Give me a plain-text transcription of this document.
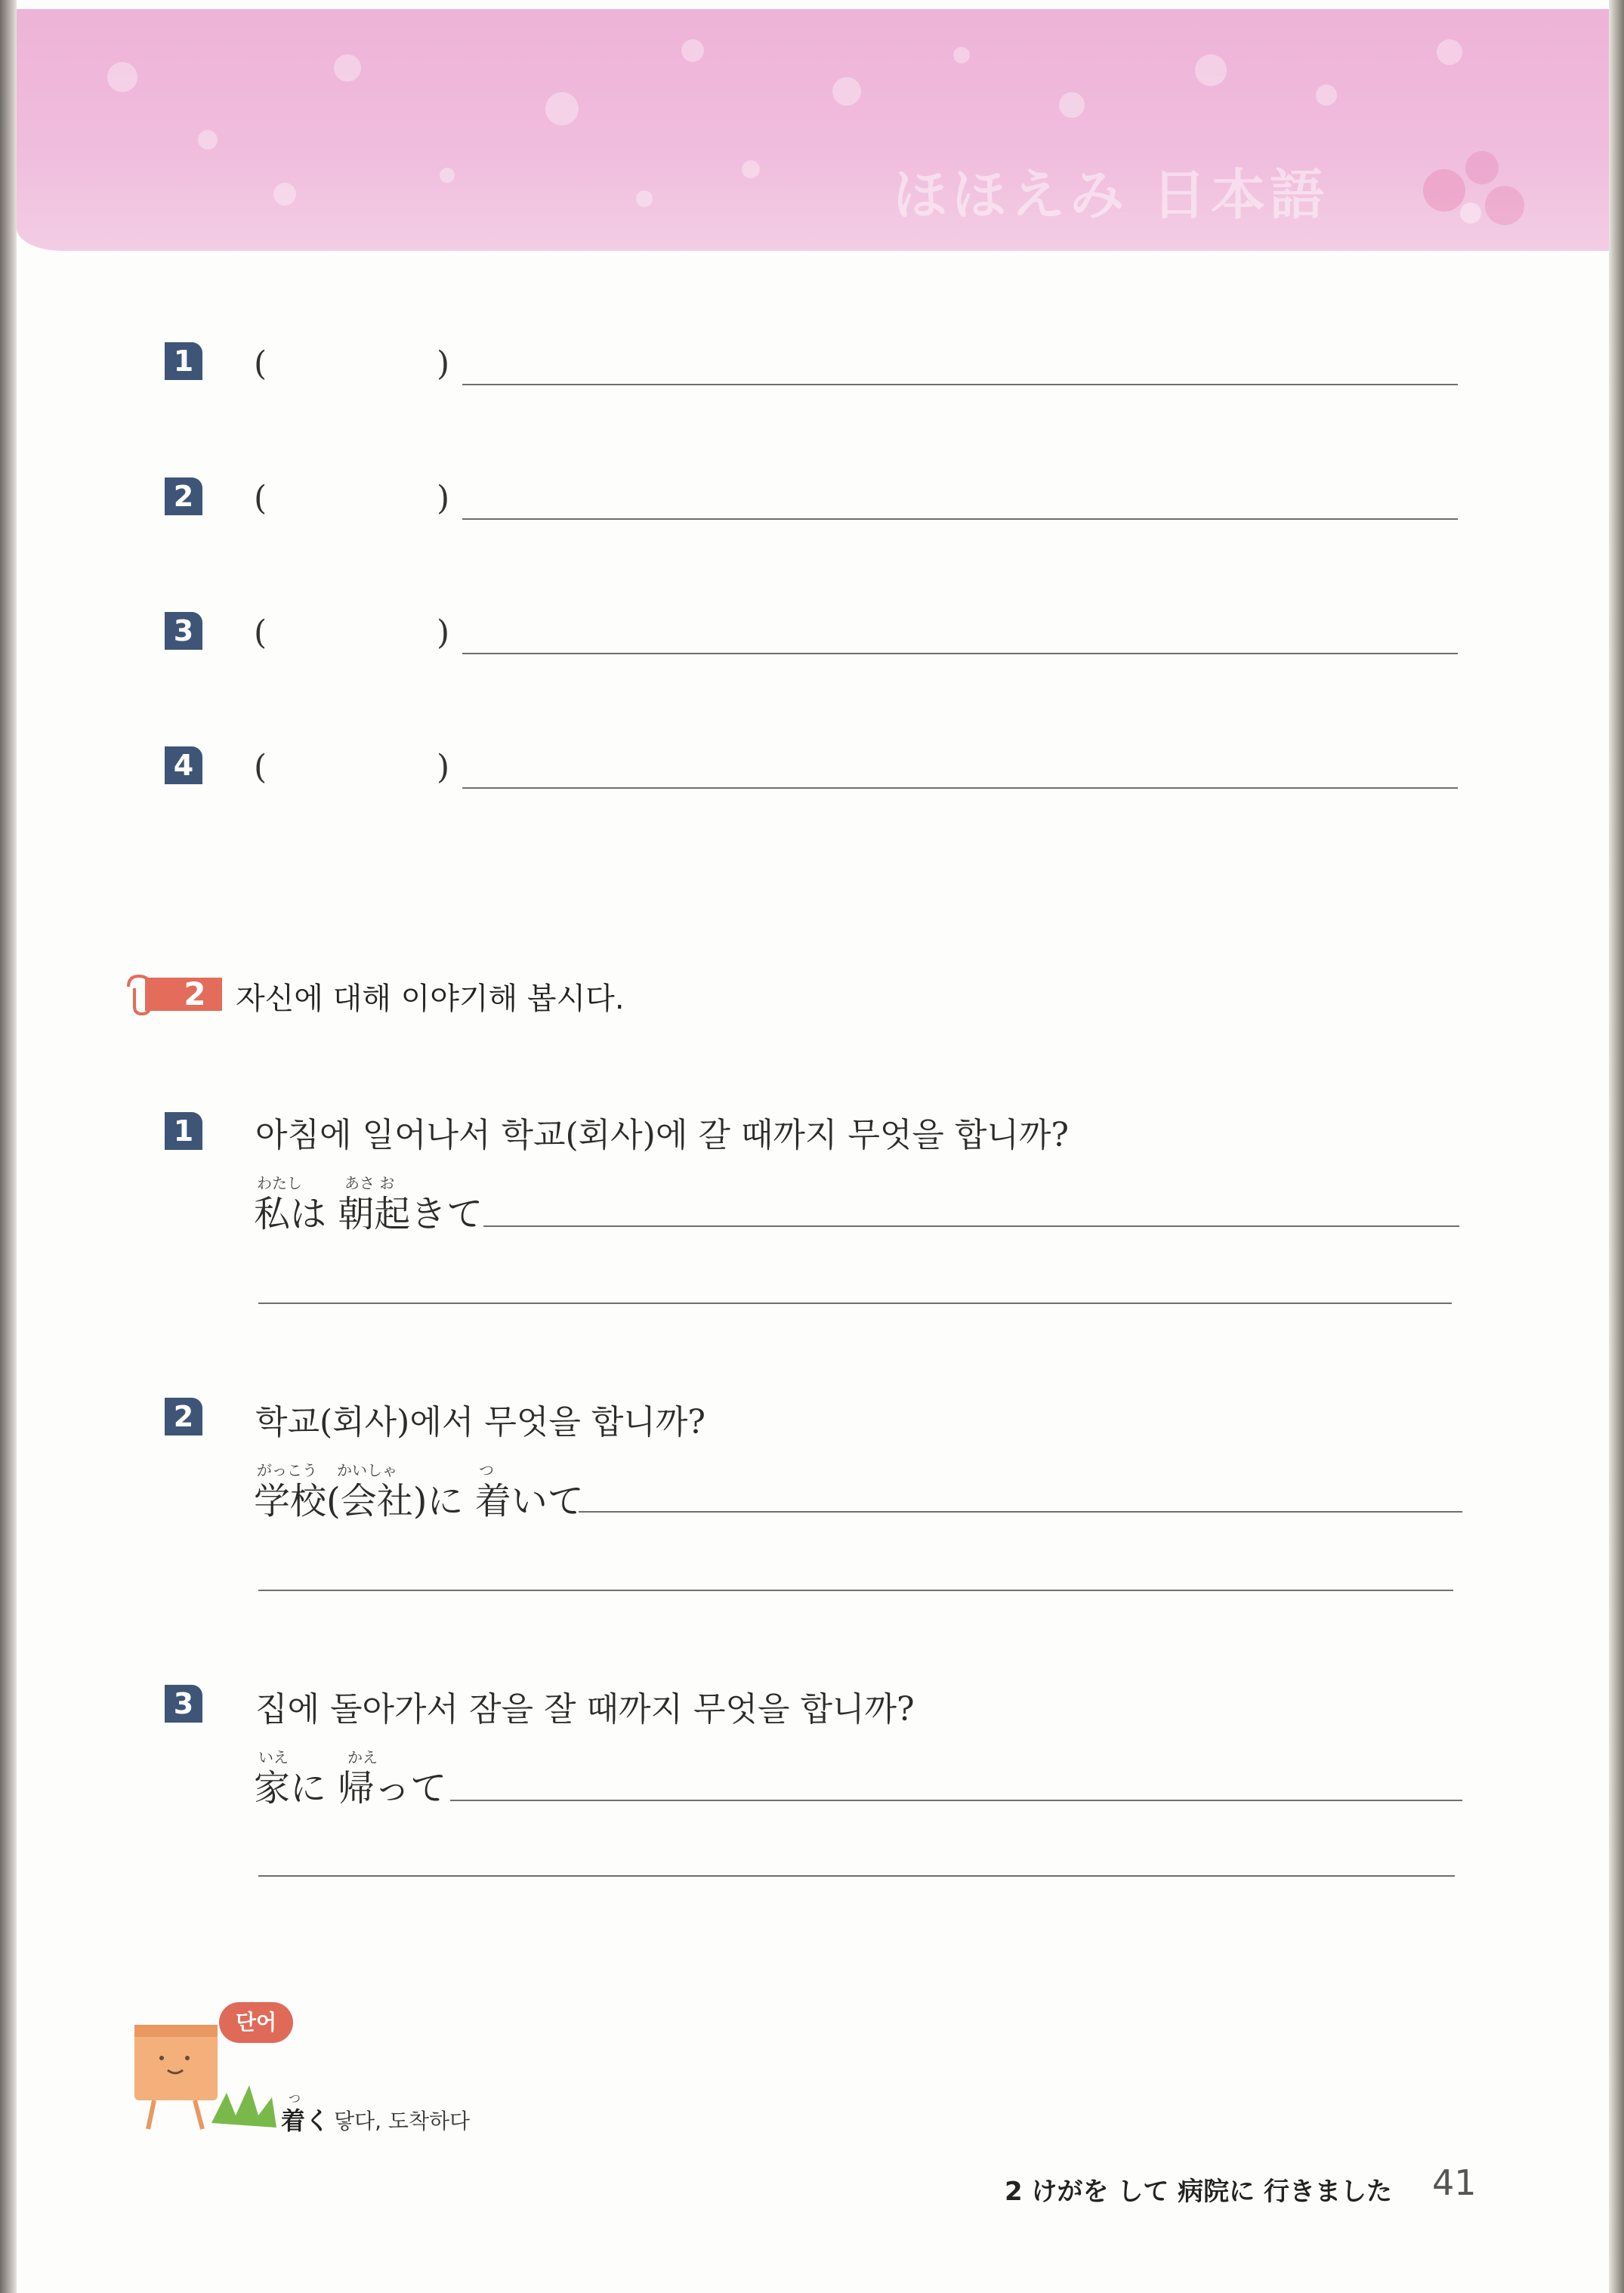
ほほえみ 日本語
1 (	)
2 (	)
3 (	)
4 (	)
2 자신에 대해 이야기해 봅시다.
1 아침에 일어나서 학교(회사)에 갈 때까지 무엇을 합니까?
わたし	あさ お
私は 朝起きて
2 학교(회사)에서 무엇을 합니까?
がっこう かいしゃ	つ
学校(会社)に 着いて
3 집에 돌아가서 잠을 잘 때까지 무엇을 합니까?
いえ	かえ
家に 帰って
단어
つ
着く 닿다, 도착하다
2 けがを して 病院に 行きました 41
